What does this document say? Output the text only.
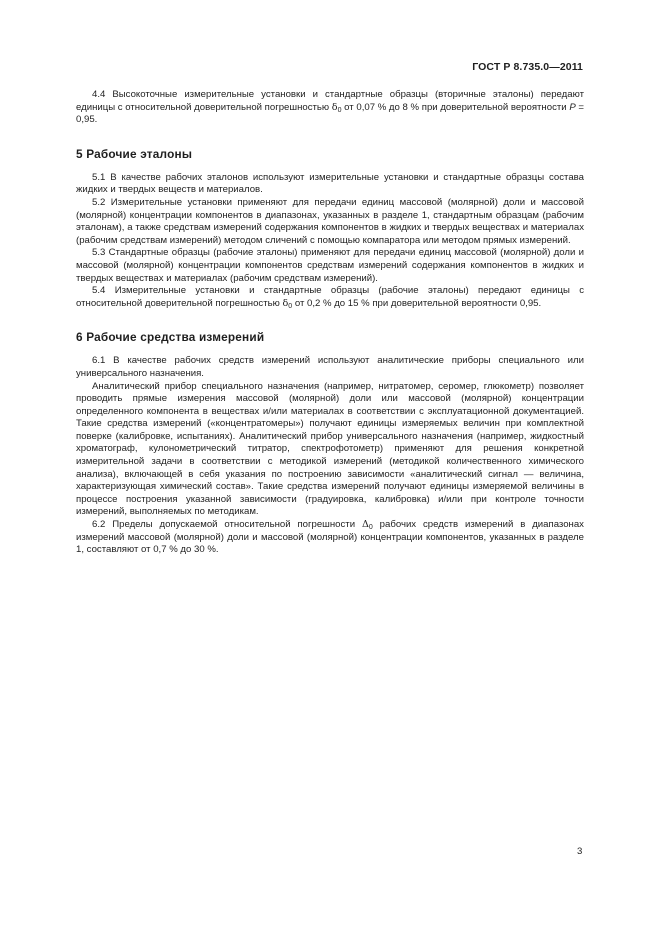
ГОСТ Р 8.735.0—2011

4.4 Высокоточные измерительные установки и стандартные образцы (вторичные эталоны) передают единицы с относительной доверительной погрешностью $\delta_0$ от 0,07 % до 8 % при доверительной вероятности P = 0,95.

5 Рабочие эталоны

5.1 В качестве рабочих эталонов используют измерительные установки и стандартные образцы состава жидких и твердых веществ и материалов.

5.2 Измерительные установки применяют для передачи единиц массовой (молярной) доли и массовой (молярной) концентрации компонентов в диапазонах, указанных в разделе 1, стандартным образцам (рабочим эталонам), а также средствам измерений содержания компонентов в жидких и твердых веществах и материалах (рабочим средствам измерений) методом сличений с помощью компаратора или методом прямых измерений.

5.3 Стандартные образцы (рабочие эталоны) применяют для передачи единиц массовой (молярной) доли и массовой (молярной) концентрации компонентов средствам измерений содержания компонентов в жидких и твердых веществах и материалах (рабочим средствам измерений).

5.4 Измерительные установки и стандартные образцы (рабочие эталоны) передают единицы с относительной доверительной погрешностью $\delta_0$ от 0,2 % до 15 % при доверительной вероятности 0,95.

6 Рабочие средства измерений

6.1 В качестве рабочих средств измерений используют аналитические приборы специального или универсального назначения.

Аналитический прибор специального назначения (например, нитратомер, серомер, глюкометр) позволяет проводить прямые измерения массовой (молярной) доли или массовой (молярной) концентрации определенного компонента в веществах и/или материалах в соответствии с эксплуатационной документацией. Такие средства измерений («концентратомеры») получают единицы измеряемых величин при комплектной поверке (калибровке, испытаниях). Аналитический прибор универсального назначения (например, жидкостный хроматограф, кулонометрический титратор, спектрофотометр) применяют для решения конкретной измерительной задачи в соответствии с методикой измерений (методикой количественного химического анализа), включающей в себя указания по построению зависимости «аналитический сигнал — величина, характеризующая химический состав». Такие средства измерений получают единицы измеряемой величины в процессе построения указанной зависимости (градуировка, калибровка) и/или при контроле точности измерений, выполняемых по методикам.

6.2 Пределы допускаемой относительной погрешности $\Delta_0$ рабочих средств измерений в диапазонах измерений массовой (молярной) доли и массовой (молярной) концентрации компонентов, указанных в разделе 1, составляют от 0,7 % до 30 %.

3
